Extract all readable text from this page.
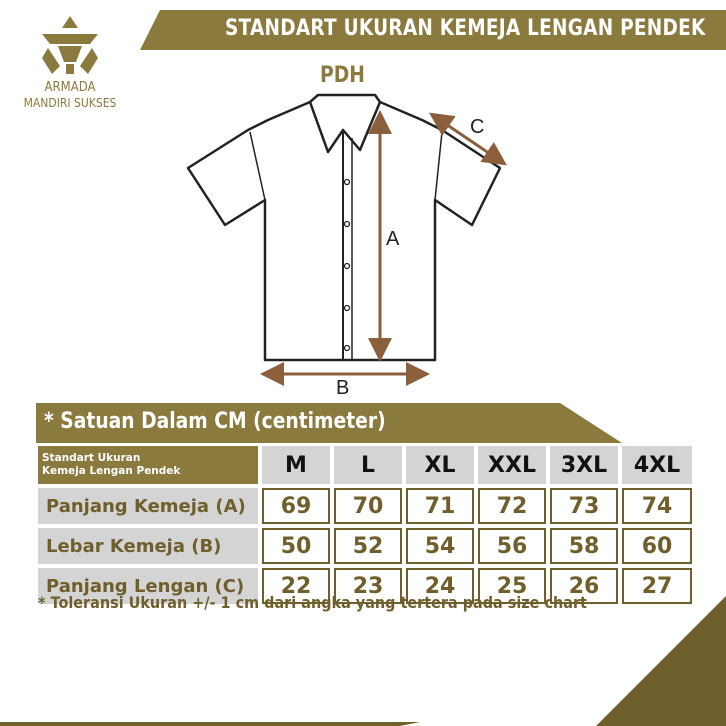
STANDART UKURAN KEMEJA LENGAN PENDEK
ARMADA
MANDIRI SUKSES
PDH
A
B
C
* Satuan Dalam CM (centimeter)
Standart Ukuran
Kemeja Lengan Pendek	M	L	XL	XXL	3XL	4XL
Panjang Kemeja (A)	69	70	71	72	73	74
Lebar Kemeja (B)	50	52	54	56	58	60
Panjang Lengan (C)	22	23	24	25	26	27
* Toleransi Ukuran +/- 1 cm dari angka yang tertera pada size chart
